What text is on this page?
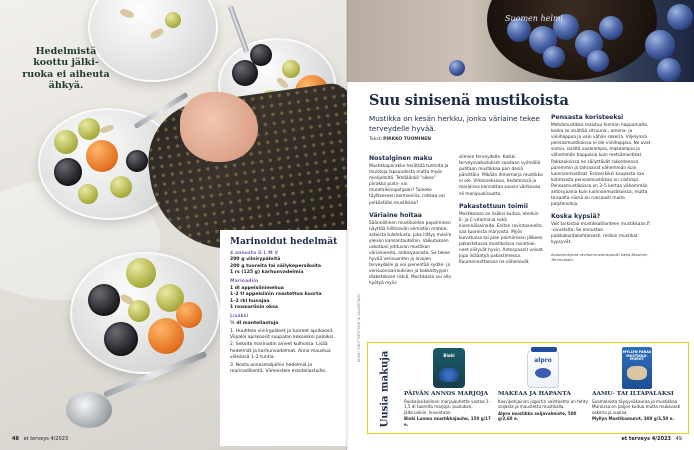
Hedelmistä koottu jälkiruoka ei aiheuta ähkyä.
Marinoidut hedelmät
4 annosta G L M V
200 g viinirypäleitä
200 g tuoreita tai säilykepersikoita
1 rs (125 g) karhunvadelmia
Marinadiin
1 dl appelsiinimehua
1–2 tl appelsiinin raastettua kuorta
1–2 rkl hunajaa
1 rosmariinin oksa
Lisäksi
¼ dl manteliastuja
1. Huuhtele viinirypäleet ja tuoreet aprikoosit. Viipaloi aprikoosit suupalan kokoisiksi paloiksi.
2. Sekoita marinadin aineet kulhossa. Lisää hedelmät ja karhunvadelmat. Anna maustua viileässä 1–2 tuntia.
3. Nosta annosmaljoihin hedelmiä ja marinadilientä. Viimeistele manteliastuilla.
48 et terveys 4/2023
Suomen helmi
Suu sinisenä mustikoista
Mustikka on kesän herkku, jonka väriaine tekee terveydelle hyvää.
Teksti PIRKKO TUOMINEN
Nostalginen maku
Mustikkapiirakka herättää tunteita ja muistoja lapsuudesta mutta myös mielipiteitä. Tehdäänkö "oikea" piirakka pulla- vai murotaikinapohjaan? Tuleeko täytteeseen kermaviilia, rahkaa vai pelkästään mustikkaa?
Väriaine hoitaa
Säännöllinen mustikoiden popsiminen näyttää hillitsevän elimistön matala-asteista tulehdusta, joka liittyy moniin yleisiin kansantauteihin. Vaikutuksen uskotaan johtuvan mustikan väriaineesta, antosyaanista. Se tekee hyvää verisuonten ja aivojen terveydelle ja voi pienentää sydän- ja verisuonisairauksien ja kakkostyypin diabeteksen riskiä. Mustikasta voi olla hyötyä myös
silmien terveydelle. Kaikki terveysvaikutukset saadaan syömällä puhtaan mustikkaa pari desiä päivittäin. Mikään ihmemarja mustikka ei ole. Vihanneksissa, hedelmissä ja marjoissa kannattaa suosia värikuvaa eli monipuolisuutta.
Pakastettuun toimii
Mustikoissa on lisäksi kuitua, etenkin E- ja C-vitamiinia sekä kivennäisaineita. Eniten ravintoaineita saa tuoreista marjoista. Myös kuivatussa tai pian poimimisen jälkeen pakastetussa mustikoissa ravintoaineet säilyvät hyvin. Antosyaanit voivat jopa lisääntyä pakastimessa. Kuumennettaessa ne vähenevät.
Pensasta koristeeksi
Metsämustikka maistuu hieman happamalta, koska se sisältää sitruuna-, omena- ja viinihappoa ja vain vähän sokeria. Viljelyissä pensasmustikoissa ei ole viinihappoa. Ne ovat somia, sisältä vaaleampia, makeampia ja vähemmän happoisia kuin metsämustikat. Pakkauksissa ne säilyttävät rakenteensa paremmin ja tahraavat vähemmän kuin luonnonmustikat. Esimerkiksi kaupasta saa kotimaista pensasmustikkaa on siistimpi. Pensasmustikoissa on 3–5 kertaa vähemmän antosyaania kuin luonnonmustikoissa, mutta toisaalta niissä on runsaasti muita polyfenoleja.
Koska kypsiä?
Voit tarkistaa mustikkatilanteen mustikkaan.fi -sivustolta. Se ennustaa paikkakuntakohtaisesti, milloin mustikat kypsyvät.
Asiantuntijana ravitsemusterapeutti Katja Nissinen, Terveystalo.
KUVAT SHUTTERSTOCK JA VALMISTAJAT
Uusia makuja	Bioki
PÄIVÄN ANNOS MARJOJA
Ruokalusikallinen marjajauhetta vastaa 1–1,5 dl tuoreita marjoja: puolukan, jälkiruokiin, leivontaan.
Bioki Luomu mustikkajauhe, 150 g/17 e.
alpro
MAKEAA JA HAPANTA
Kasvipohjainen jogurtin vaihtoehto on tehty soijasta ja maustettu mustikalla.
Alpro mustikka soijavalmiste, 500 g/2,60 e.
MYLLYN PARAS MUSTIKKA-MUROT
AAMU- TAI ILTAPALAKSI
Suomalaista täysjyväkauraa ja mustikkaa. Muroissa on paljon kuitua mutta mukavasti sokeria ja suolaa.
Myllyn Mustikamurot, 300 g/3,50 e.
et terveys 4/2023 49
